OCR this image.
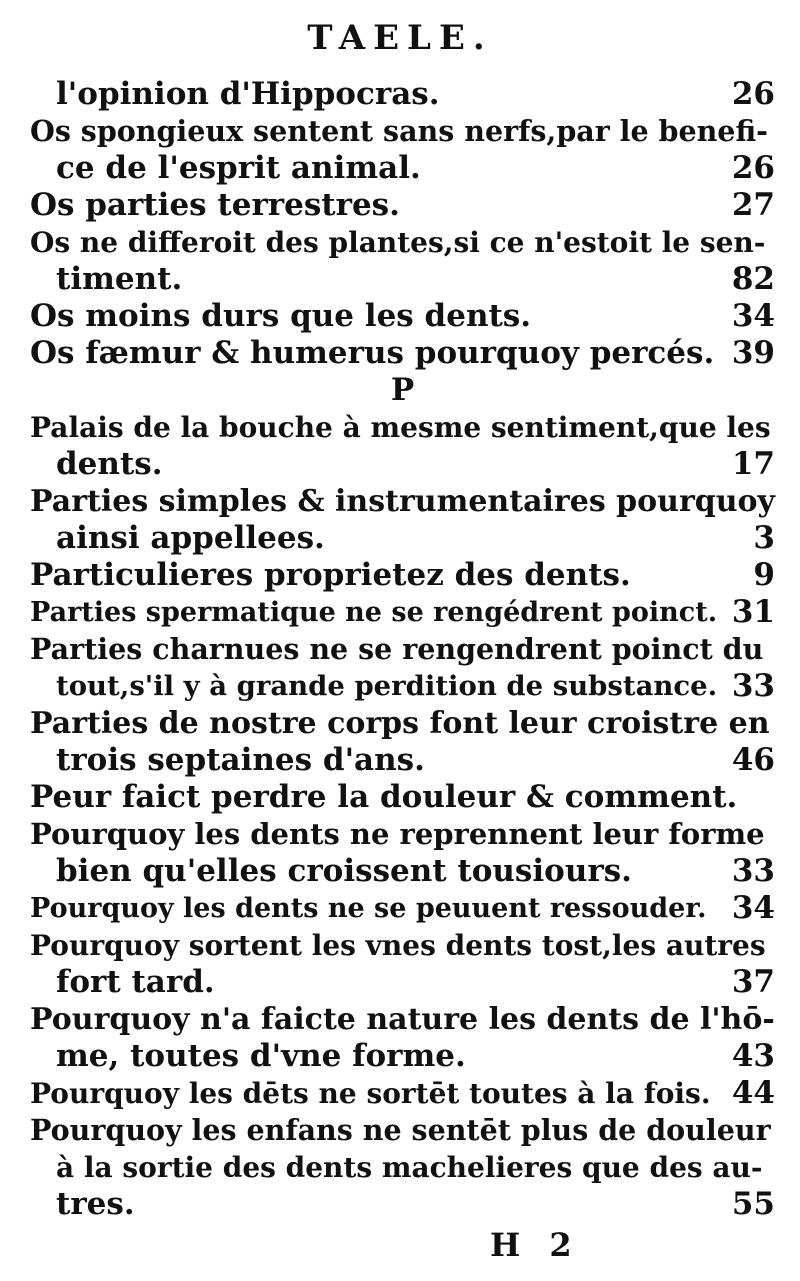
TAELE.
l'opinion d'Hippocras.	26
Os spongieux sentent sans nerfs,par le benefi-
ce de l'esprit animal.	26
Os parties terrestres.	27
Os ne differoit des plantes,si ce n'estoit le sen-
timent.	82
Os moins durs que les dents.	34
Os fæmur & humerus pourquoy percés. 39
P
Palais de la bouche à mesme sentiment,que les
dents.	17
Parties simples & instrumentaires pourquoy
ainsi appellees.	3
Particulieres proprietez des dents.	9
Parties spermatique ne se rengédrent poinct. 31
Parties charnues ne se rengendrent poinct du
tout,s'il y à grande perdition de substance. 33
Parties de nostre corps font leur croistre en
trois septaines d'ans.	46
Peur faict perdre la douleur & comment.
Pourquoy les dents ne reprennent leur forme
bien qu'elles croissent tousiours.	33
Pourquoy les dents ne se peuuent ressouder. 34
Pourquoy sortent les vnes dents tost,les autres
fort tard.	37
Pourquoy n'a faicte nature les dents de l'hō-
me, toutes d'vne forme.	43
Pourquoy les dēts ne sortēt toutes à la fois. 44
Pourquoy les enfans ne sentēt plus de douleur
à la sortie des dents machelieres que des au-
tres.	55
H 2
